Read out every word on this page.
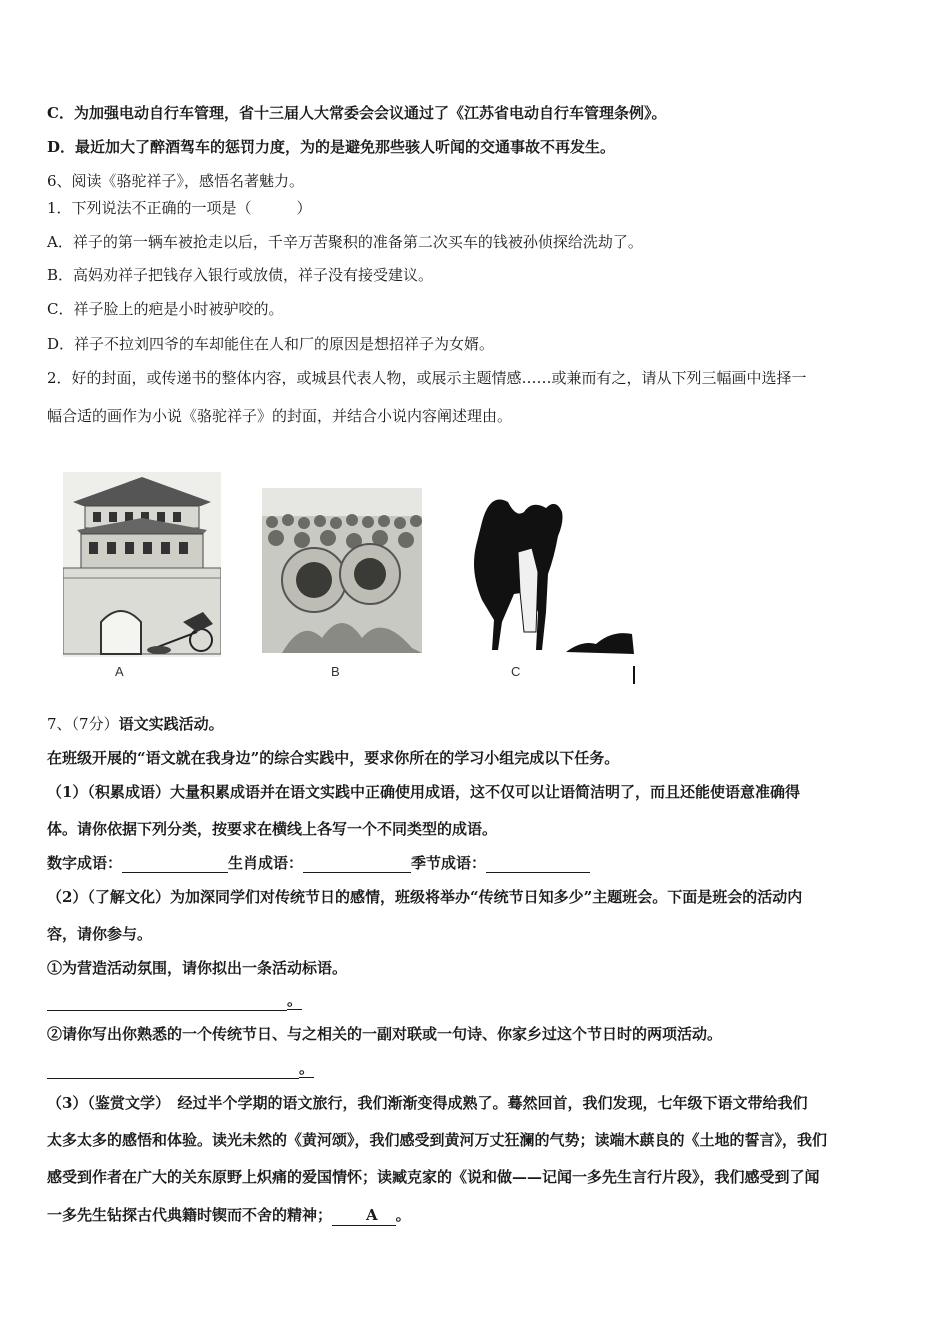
C．为加强电动自行车管理，省十三届人大常委会会议通过了《江苏省电动自行车管理条例》。
D．最近加大了醉酒驾车的惩罚力度，为的是避免那些骇人听闻的交通事故不再发生。
6、阅读《骆驼祥子》，感悟名著魅力。
1．下列说法不正确的一项是（　　　）
A．祥子的第一辆车被抢走以后，千辛万苦聚积的准备第二次买车的钱被孙侦探给洗劫了。
B．高妈劝祥子把钱存入银行或放债，祥子没有接受建议。
C．祥子脸上的疤是小时被驴咬的。
D．祥子不拉刘四爷的车却能住在人和厂的原因是想招祥子为女婿。
2．好的封面，或传递书的整体内容，或城县代表人物，或展示主题情感……或兼而有之，请从下列三幅画中选择一
幅合适的画作为小说《骆驼祥子》的封面，并结合小说内容阐述理由。
A	B	C
7、（7分）语文实践活动。
在班级开展的“语文就在我身边”的综合实践中，要求你所在的学习小组完成以下任务。
（1）（积累成语）大量积累成语并在语文实践中正确使用成语，这不仅可以让语简洁明了，而且还能使语意准确得
体。请你依据下列分类，按要求在横线上各写一个不同类型的成语。
数字成语：	生肖成语：	季节成语：
（2）（了解文化）为加深同学们对传统节日的感情，班级将举办“传统节日知多少”主题班会。下面是班会的活动内
容，请你参与。
①为营造活动氛围，请你拟出一条活动标语。
。
②请你写出你熟悉的一个传统节日、与之相关的一副对联或一句诗、你家乡过这个节日时的两项活动。
。
（3）（鉴赏文学）　经过半个学期的语文旅行，我们渐渐变得成熟了。蓦然回首，我们发现，七年级下语文带给我们
太多太多的感悟和体验。读光未然的《黄河颂》，我们感受到黄河万丈狂澜的气势；读端木蕻良的《土地的誓言》，我们
感受到作者在广大的关东原野上炽痛的爱国情怀；读臧克家的《说和做——记闻一多先生言行片段》，我们感受到了闻
一多先生钻探古代典籍时锲而不舍的精神； A 。
